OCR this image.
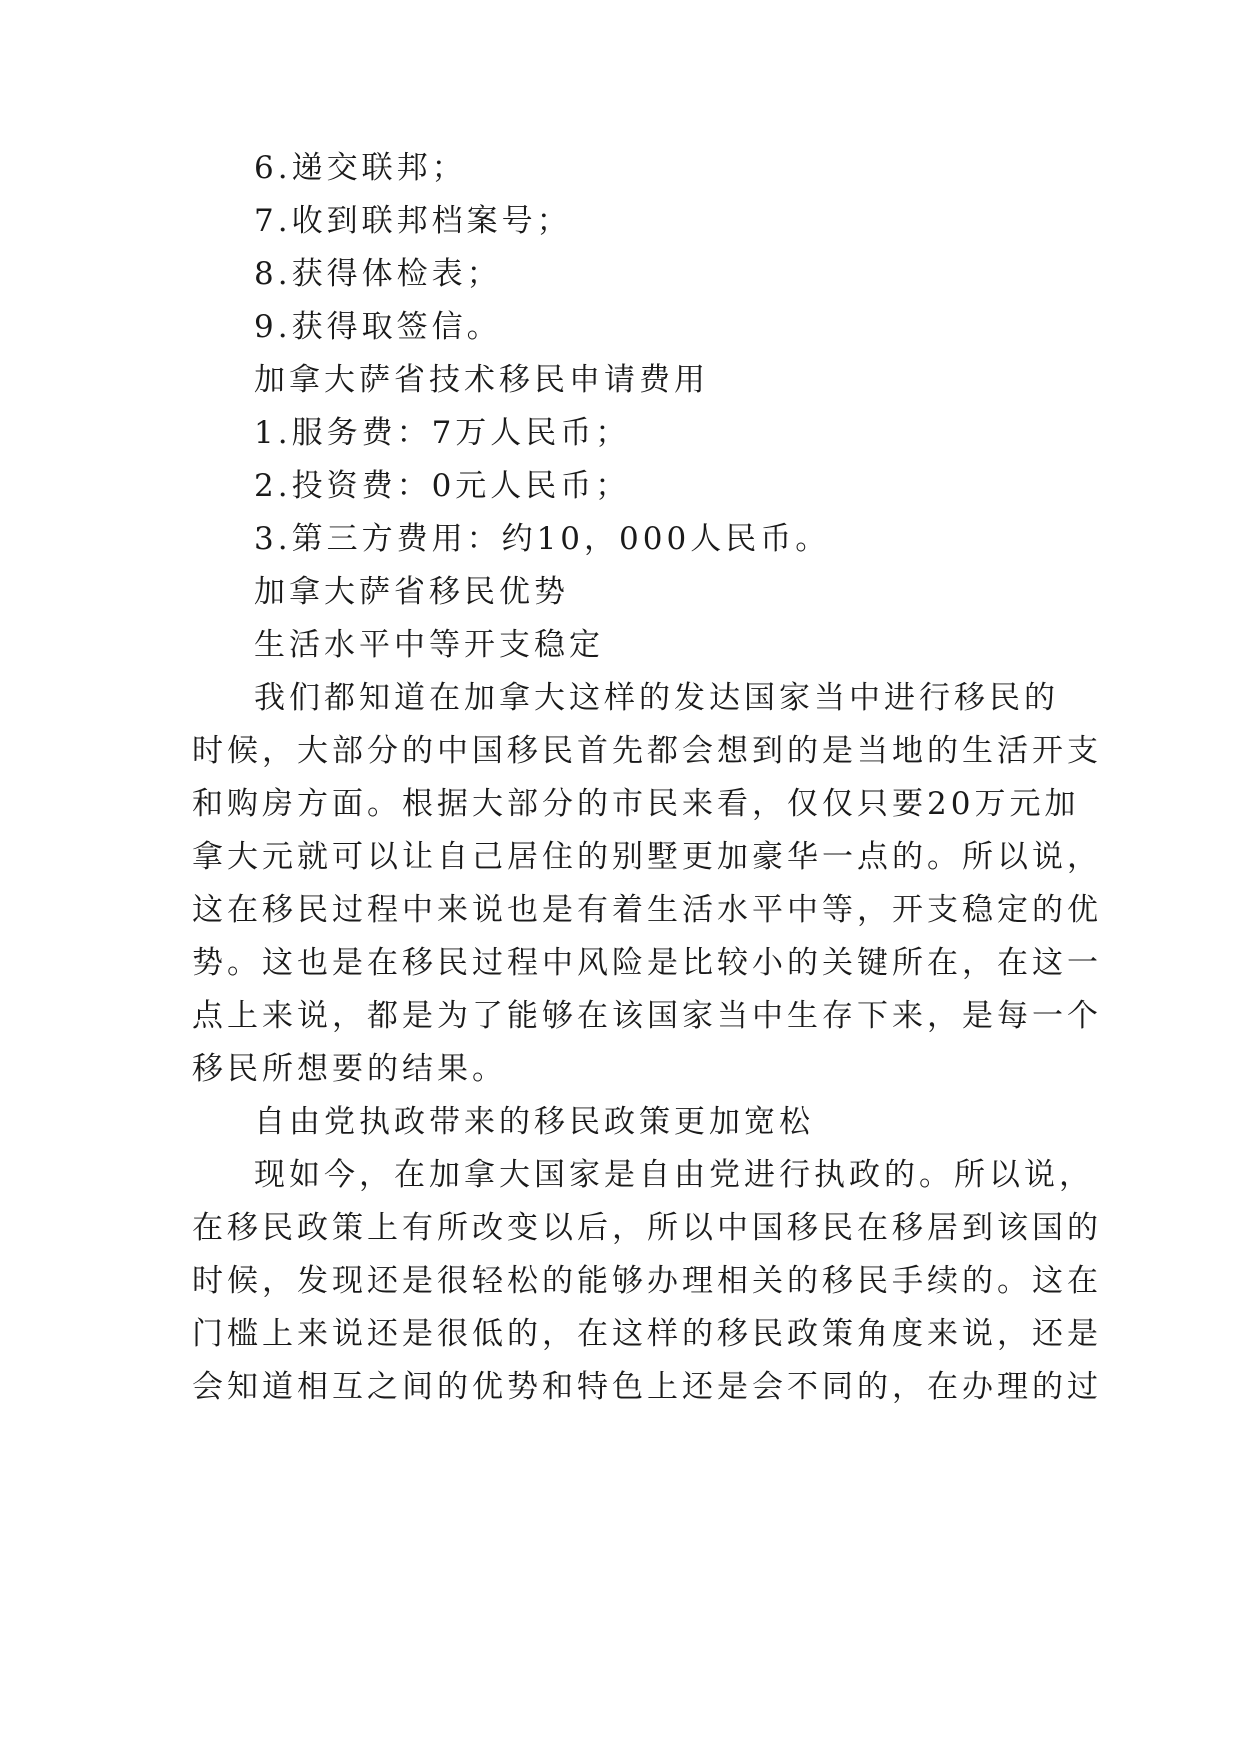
6.递交联邦；
7.收到联邦档案号；
8.获得体检表；
9.获得取签信。
加拿大萨省技术移民申请费用
1.服务费：7万人民币；
2.投资费：0元人民币；
3.第三方费用：约10，000人民币。
加拿大萨省移民优势
生活水平中等开支稳定
我们都知道在加拿大这样的发达国家当中进行移民的
时候，大部分的中国移民首先都会想到的是当地的生活开支
和购房方面。根据大部分的市民来看，仅仅只要20万元加
拿大元就可以让自己居住的别墅更加豪华一点的。所以说，
这在移民过程中来说也是有着生活水平中等，开支稳定的优
势。这也是在移民过程中风险是比较小的关键所在，在这一
点上来说，都是为了能够在该国家当中生存下来，是每一个
移民所想要的结果。
自由党执政带来的移民政策更加宽松
现如今，在加拿大国家是自由党进行执政的。所以说，
在移民政策上有所改变以后，所以中国移民在移居到该国的
时候，发现还是很轻松的能够办理相关的移民手续的。这在
门槛上来说还是很低的，在这样的移民政策角度来说，还是
会知道相互之间的优势和特色上还是会不同的，在办理的过
